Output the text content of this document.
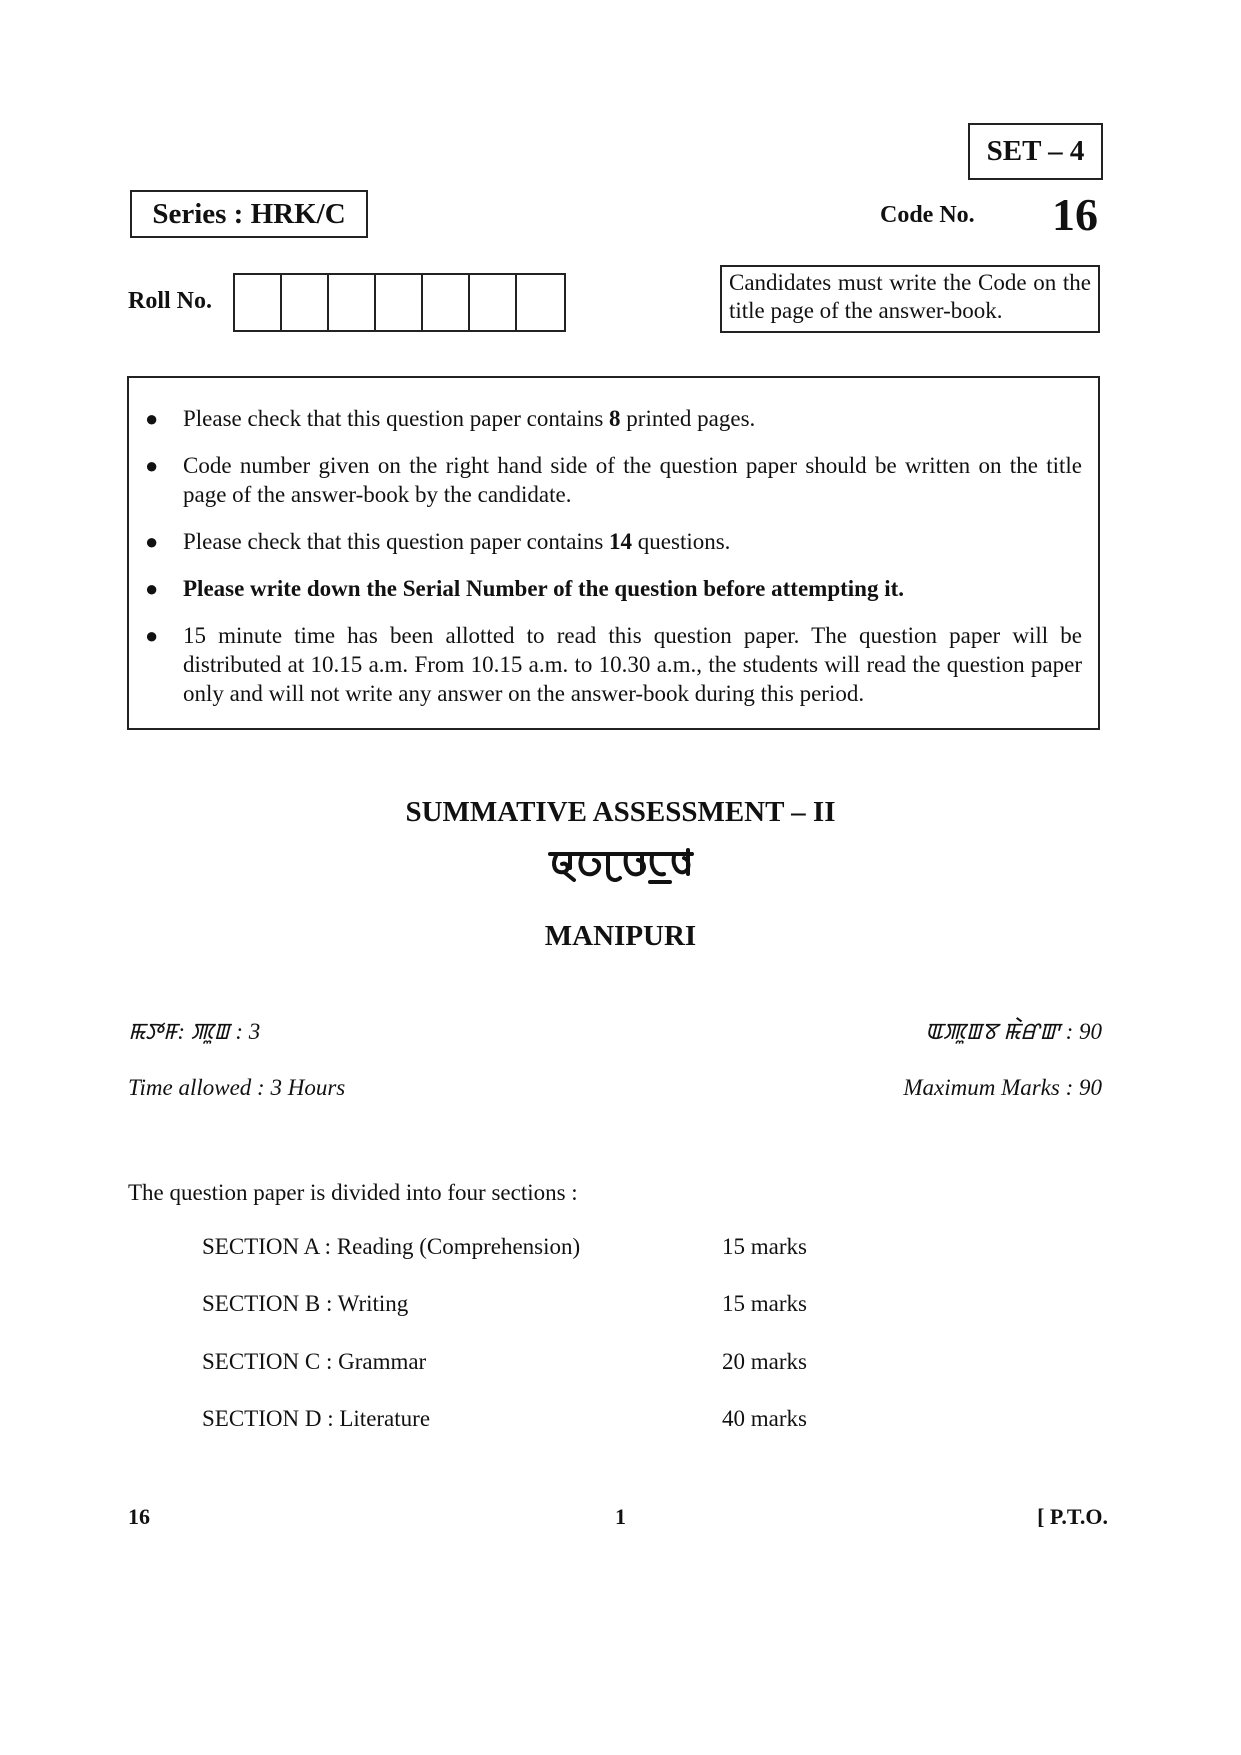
SET – 4
Series : HRK/C	Code No. 16
Roll No.
Candidates must write the Code on the title page of the answer-book.
● Please check that this question paper contains 8 printed pages.
● Code number given on the right hand side of the question paper should be written on the title page of the answer-book by the candidate.
● Please check that this question paper contains 14 questions.
● Please write down the Serial Number of the question before attempting it.
● 15 minute time has been allotted to read this question paper. The question paper will be distributed at 10.15 a.m. From 10.15 a.m. to 10.30 a.m., the students will read the question paper only and will not write any answer on the answer-book during this period.
SUMMATIVE ASSESSMENT – II
MANIPURI
ꯃꯇꯝ: ꯄꯨꯡ : 3	ꯑꯄꯨꯡꯕ ꯃꯥꯔꯛ : 90
Time allowed : 3 Hours	Maximum Marks : 90
The question paper is divided into four sections :
SECTION A : Reading (Comprehension)	15 marks
SECTION B : Writing	15 marks
SECTION C : Grammar	20 marks
SECTION D : Literature	40 marks
16	1	[ P.T.O.
